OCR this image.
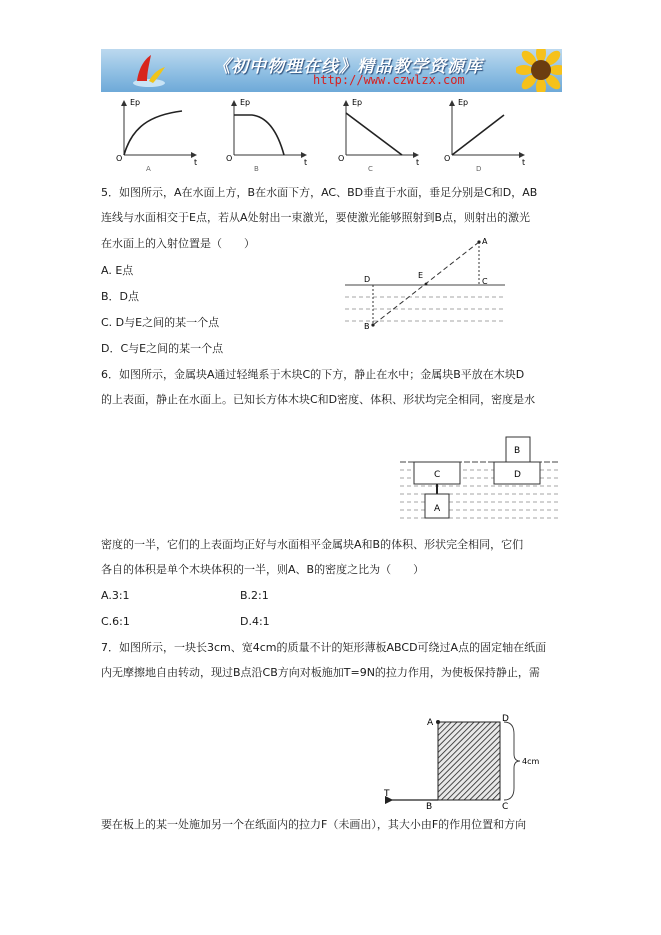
《初中物理在线》精品教学资源库
http://www.czwlzx.com
Ep
t
O
A
Ep
t
O
B
Ep
t
O
C
Ep
t
O
D
5．如图所示，A在水面上方，B在水面下方，AC、BD垂直于水面，垂足分别是C和D，AB
连线与水面相交于E点，若从A处射出一束激光，要使激光能够照射到B点，则射出的激光
在水面上的入射位置是（　　）
A. E点
B．D点
C. D与E之间的某一个点
D．C与E之间的某一个点
A
B
C
D	E
6．如图所示，金属块A通过轻绳系于木块C的下方，静止在水中；金属块B平放在木块D
的上表面，静止在水面上。已知长方体木块C和D密度、体积、形状均完全相同，密度是水
C
A
D
B
密度的一半，它们的上表面均正好与水面相平金属块A和B的体积、形状完全相同，它们
各自的体积是单个木块体积的一半，则A、B的密度之比为（　　）
A.3:1	B.2:1
C.6:1	D.4:1
7．如图所示，一块长3cm、宽4cm的质量不计的矩形薄板ABCD可绕过A点的固定轴在纸面
内无摩擦地自由转动，现过B点沿CB方向对板施加T=9N的拉力作用，为使板保持静止，需
A	D
B	C
T
4cm
要在板上的某一处施加另一个在纸面内的拉力F（未画出），其大小由F的作用位置和方向
